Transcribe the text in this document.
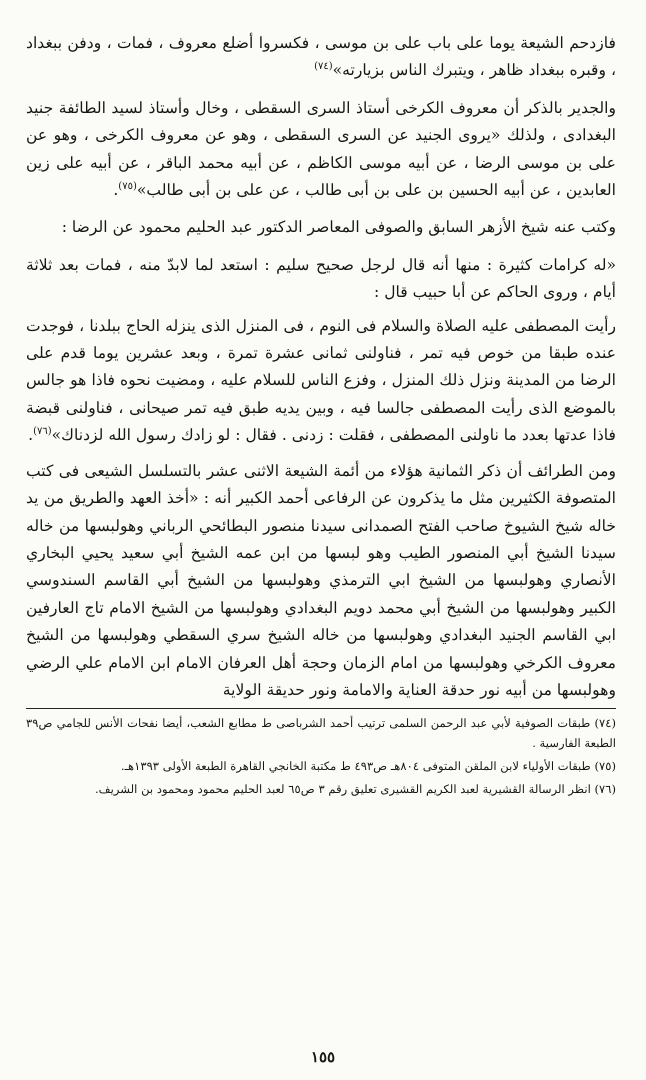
فازدحم الشيعة يوما على باب على بن موسى ، فكسروا أضلع معروف ، فمات ، ودفن ببغداد ، وقبره ببغداد ظاهر ، ويتبرك الناس بزيارته»$^{(٧٤)}$

والجدير بالذكر أن معروف الكرخى أستاذ السرى السقطى ، وخال وأستاذ لسيد الطائفة جنيد البغدادى ، ولذلك «يروى الجنيد عن السرى السقطى ، وهو عن معروف الكرخى ، وهو عن على بن موسى الرضا ، عن أبيه موسى الكاظم ، عن أبيه محمد الباقر ، عن أبيه على زين العابدين ، عن أبيه الحسين بن على بن أبى طالب ، عن على بن أبى طالب»$^{(٧٥)}$.

وكتب عنه شيخ الأزهر السابق والصوفى المعاصر الدكتور عبد الحليم محمود عن الرضا :

«له كرامات كثيرة : منها أنه قال لرجل صحيح سليم : استعد لما لابدّ منه ، فمات بعد ثلاثة أيام ، وروى الحاكم عن أبا حبيب قال :

رأيت المصطفى عليه الصلاة والسلام فى النوم ، فى المنزل الذى ينزله الحاج ببلدنا ، فوجدت عنده طبقا من خوص فيه تمر ، فناولنى ثمانى عشرة تمرة ، وبعد عشرين يوما قدم على الرضا من المدينة ونزل ذلك المنزل ، وفزع الناس للسلام عليه ، ومضيت نحوه فاذا هو جالس بالموضع الذى رأيت المصطفى جالسا فيه ، وبين يديه طبق فيه تمر صيحانى ، فناولنى قبضة فاذا عدتها بعدد ما ناولنى المصطفى ، فقلت : زدنى . فقال : لو زادك رسول الله لزدناك»$^{(٧٦)}$.

ومن الطرائف أن ذكر الثمانية هؤلاء من أئمة الشيعة الاثنى عشر بالتسلسل الشيعى فى كتب المتصوفة الكثيرين مثل ما يذكرون عن الرفاعى أحمد الكبير أنه : «أخذ العهد والطريق من يد خاله شيخ الشيوخ صاحب الفتح الصمدانى سيدنا منصور البطائحي الرباني وهولبسها من خاله سيدنا الشيخ أبي المنصور الطيب وهو لبسها من ابن عمه الشيخ أبي سعيد يحيي البخاري الأنصاري وهولبسها من الشيخ ابي الترمذي وهولبسها من الشيخ أبي القاسم السندوسي الكبير وهولبسها من الشيخ أبي محمد دويم البغدادي وهولبسها من الشيخ الامام تاج العارفين ابي القاسم الجنيد البغدادي وهولبسها من خاله الشيخ سري السقطي وهولبسها من الشيخ معروف الكرخي وهولبسها من امام الزمان وحجة أهل العرفان الامام ابن الامام علي الرضي وهولبسها من أبيه نور حدقة العناية والامامة ونور حديقة الولاية

(٧٤) طبقات الصوفية لأبي عبد الرحمن السلمى ترتيب أحمد الشرباصى ط مطابع الشعب، أيضا نفحات الأنس للجامي ص٣٩ الطبعة الفارسية .

(٧٥) طبقات الأولياء لابن الملقن المتوفى ٨٠٤هـ ص٤٩٣ ط مكتبة الخانجي القاهرة الطبعة الأولى ١٣٩٣هـ.

(٧٦) انظر الرسالة القشيرية لعبد الكريم القشيرى تعليق رقم ٣ ص٦٥ لعبد الحليم محمود ومحمود بن الشريف.

١٥٥
